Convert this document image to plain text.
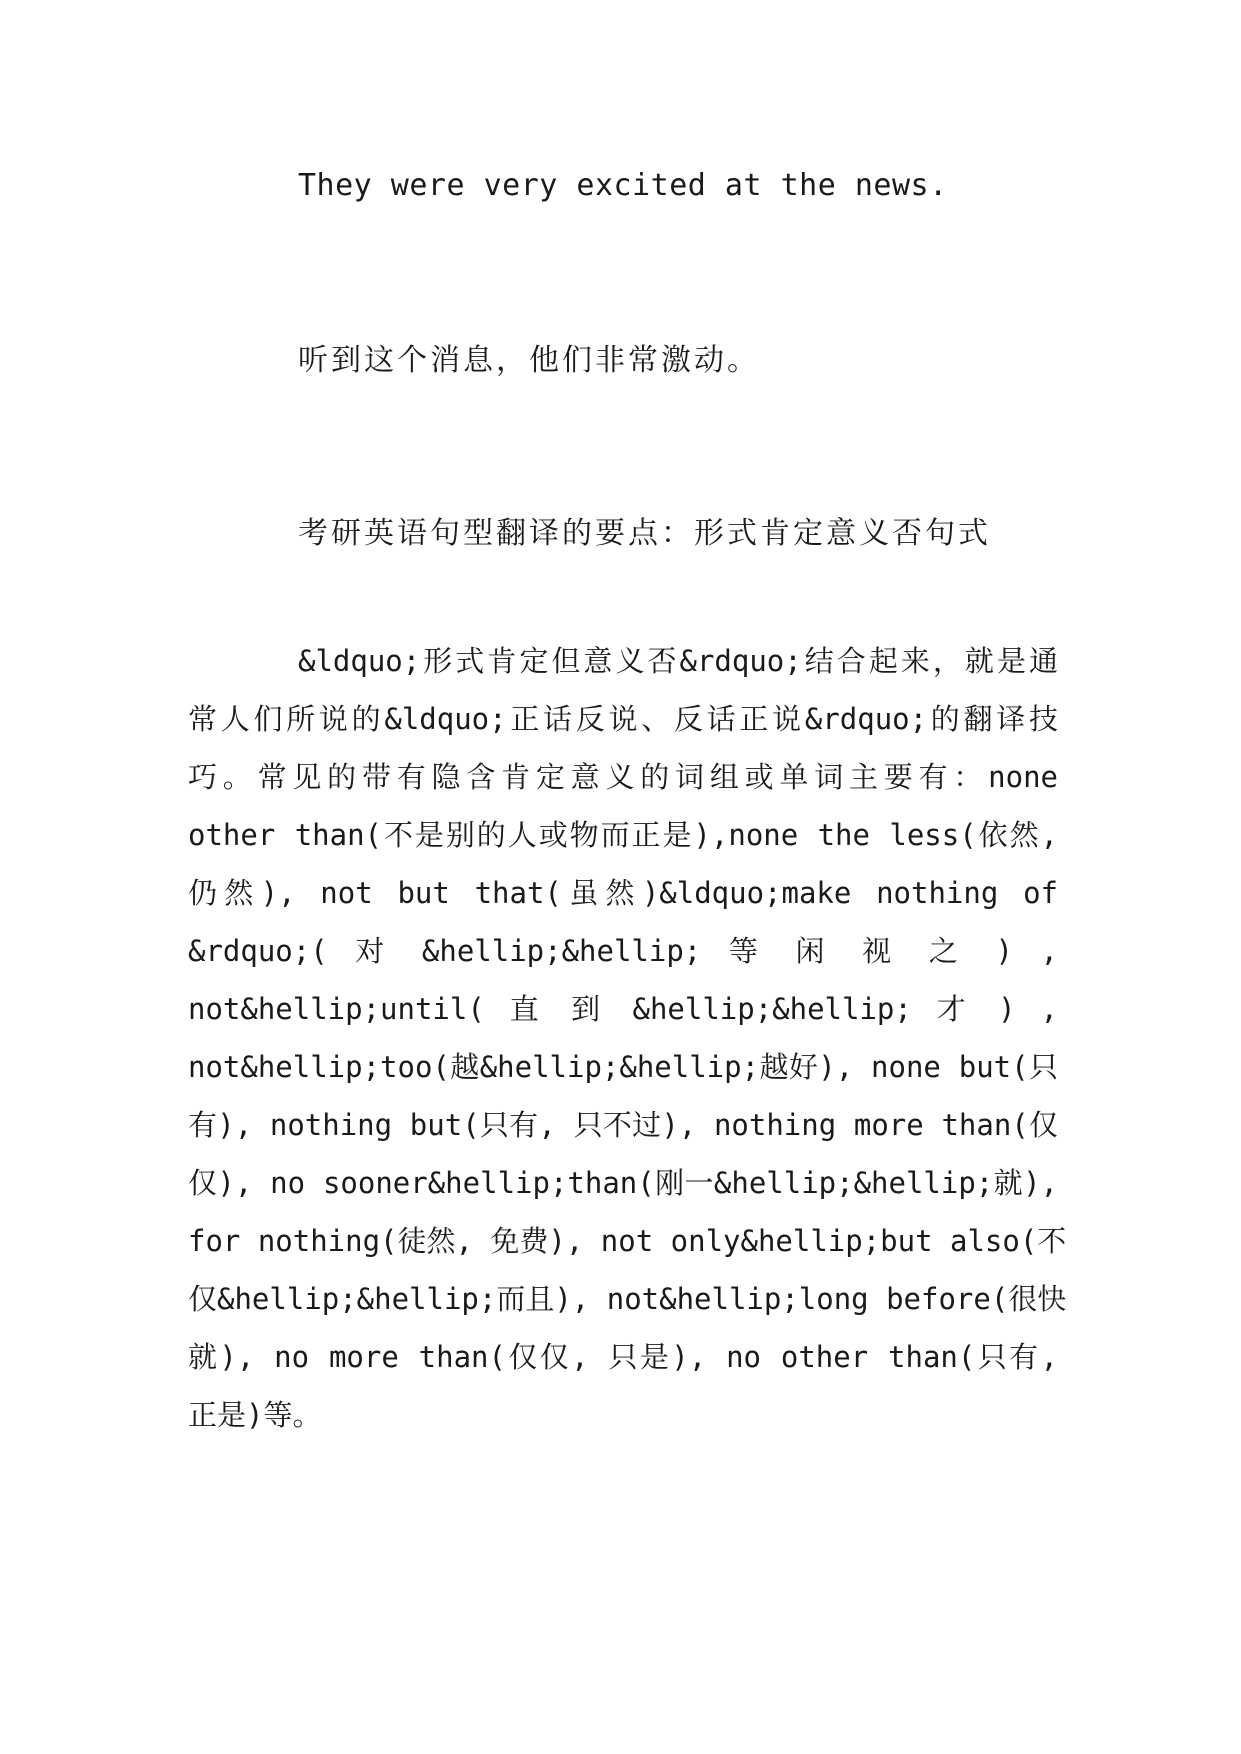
They were very excited at the news.
听到这个消息，他们非常激动。
考研英语句型翻译的要点：形式肯定意义否句式
&ldquo;形式肯定但意义否&rdquo;结合起来，就是通
常人们所说的&ldquo;正话反说、反话正说&rdquo;的翻译技
巧。常见的带有隐含肯定意义的词组或单词主要有：none
other than(不是别的人或物而正是),none the less(依然,
仍然), not but that(虽然)&ldquo;make nothing of
&rdquo;( 对 &hellip;&hellip; 等 闲 视 之 ) ,
not&hellip;until( 直 到 &hellip;&hellip; 才 ) ,
not&hellip;too(越&hellip;&hellip;越好), none but(只
有), nothing but(只有, 只不过), nothing more than(仅
仅), no sooner&hellip;than(刚一&hellip;&hellip;就),
for nothing(徒然, 免费), not only&hellip;but also(不
仅&hellip;&hellip;而且), not&hellip;long before(很快
就), no more than(仅仅, 只是), no other than(只有,
正是)等。
